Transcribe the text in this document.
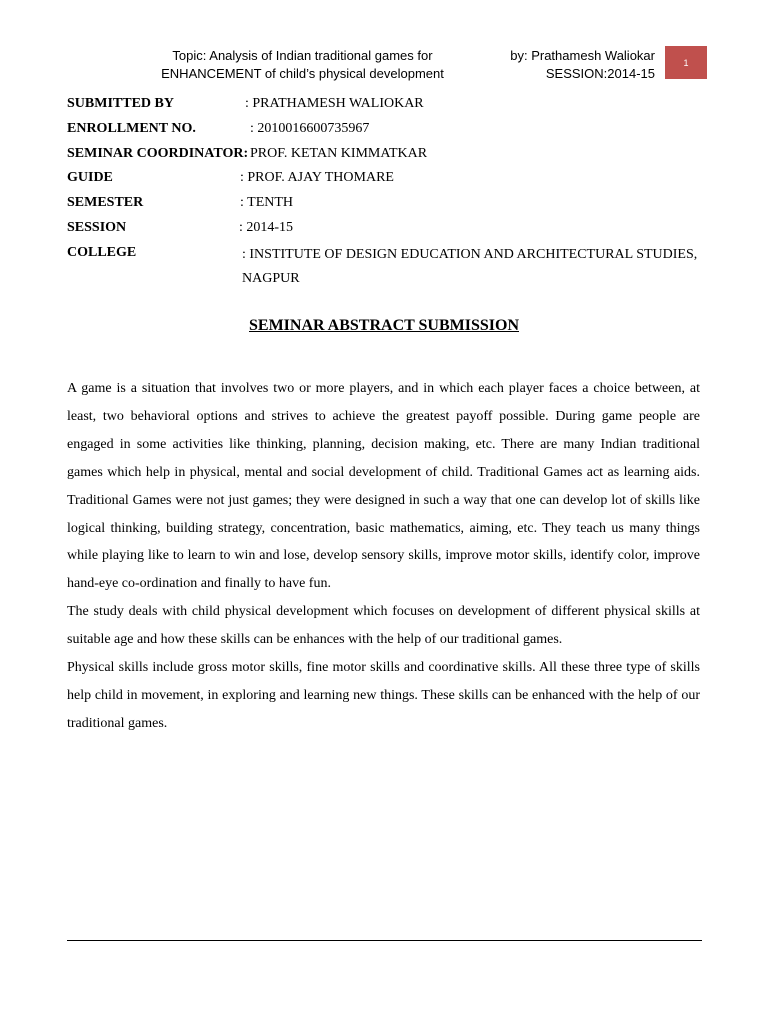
Topic: Analysis of Indian traditional games for
ENHANCEMENT of child’s physical development
by: Prathamesh Waliokar
SESSION:2014-15
1
SUBMITTED BY	: PRATHAMESH WALIOKAR
ENROLLMENT NO.	: 2010016600735967
SEMINAR COORDINATOR: PROF. KETAN KIMMATKAR
GUIDE	: PROF. AJAY THOMARE
SEMESTER	: TENTH
SESSION	: 2014-15
COLLEGE	: INSTITUTE OF DESIGN EDUCATION AND ARCHITECTURAL STUDIES, NAGPUR
SEMINAR ABSTRACT SUBMISSION

A game is a situation that involves two or more players, and in which each player faces a choice between, at least, two behavioral options and strives to achieve the greatest payoff possible. During game people are engaged in some activities like thinking, planning, decision making, etc. There are many Indian traditional games which help in physical, mental and social development of child. Traditional Games act as learning aids. Traditional Games were not just games; they were designed in such a way that one can develop lot of skills like logical thinking, building strategy, concentration, basic mathematics, aiming, etc. They teach us many things while playing like to learn to win and lose, develop sensory skills, improve motor skills, identify color, improve hand-eye co-ordination and finally to have fun.

The study deals with child physical development which focuses on development of different physical skills at suitable age and how these skills can be enhances with the help of our traditional games.

Physical skills include gross motor skills, fine motor skills and coordinative skills. All these three type of skills help child in movement, in exploring and learning new things. These skills can be enhanced with the help of our traditional games.
